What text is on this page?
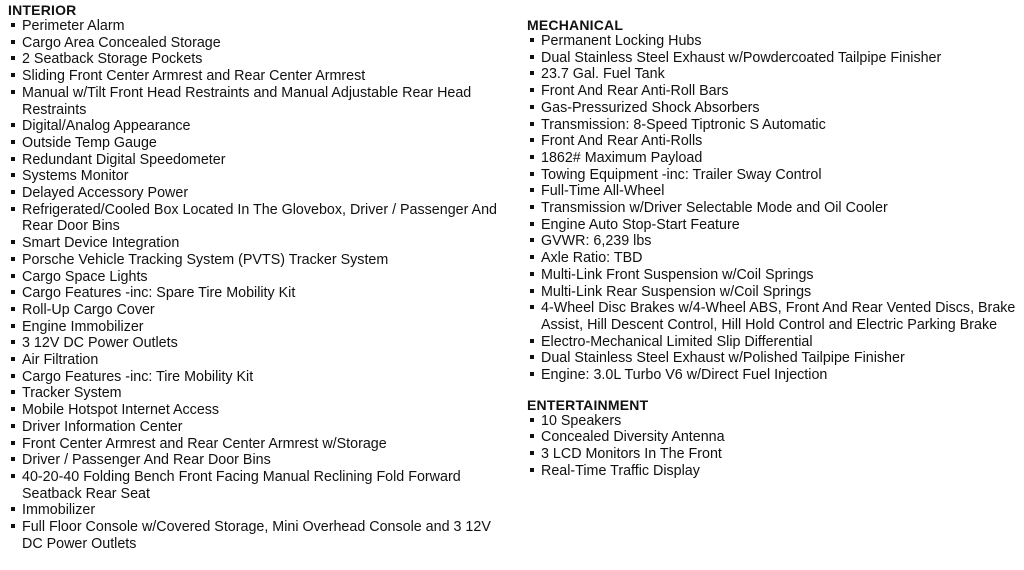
INTERIOR
Perimeter Alarm
Cargo Area Concealed Storage
2 Seatback Storage Pockets
Sliding Front Center Armrest and Rear Center Armrest
Manual w/Tilt Front Head Restraints and Manual Adjustable Rear Head Restraints
Digital/Analog Appearance
Outside Temp Gauge
Redundant Digital Speedometer
Systems Monitor
Delayed Accessory Power
Refrigerated/Cooled Box Located In The Glovebox, Driver / Passenger And Rear Door Bins
Smart Device Integration
Porsche Vehicle Tracking System (PVTS) Tracker System
Cargo Space Lights
Cargo Features -inc: Spare Tire Mobility Kit
Roll-Up Cargo Cover
Engine Immobilizer
3 12V DC Power Outlets
Air Filtration
Cargo Features -inc: Tire Mobility Kit
Tracker System
Mobile Hotspot Internet Access
Driver Information Center
Front Center Armrest and Rear Center Armrest w/Storage
Driver / Passenger And Rear Door Bins
40-20-40 Folding Bench Front Facing Manual Reclining Fold Forward Seatback Rear Seat
Immobilizer
Full Floor Console w/Covered Storage, Mini Overhead Console and 3 12V DC Power Outlets
MECHANICAL
Permanent Locking Hubs
Dual Stainless Steel Exhaust w/Powdercoated Tailpipe Finisher
23.7 Gal. Fuel Tank
Front And Rear Anti-Roll Bars
Gas-Pressurized Shock Absorbers
Transmission: 8-Speed Tiptronic S Automatic
Front And Rear Anti-Rolls
1862# Maximum Payload
Towing Equipment -inc: Trailer Sway Control
Full-Time All-Wheel
Transmission w/Driver Selectable Mode and Oil Cooler
Engine Auto Stop-Start Feature
GVWR: 6,239 lbs
Axle Ratio: TBD
Multi-Link Front Suspension w/Coil Springs
Multi-Link Rear Suspension w/Coil Springs
4-Wheel Disc Brakes w/4-Wheel ABS, Front And Rear Vented Discs, Brake Assist, Hill Descent Control, Hill Hold Control and Electric Parking Brake
Electro-Mechanical Limited Slip Differential
Dual Stainless Steel Exhaust w/Polished Tailpipe Finisher
Engine: 3.0L Turbo V6 w/Direct Fuel Injection
ENTERTAINMENT
10 Speakers
Concealed Diversity Antenna
3 LCD Monitors In The Front
Real-Time Traffic Display
